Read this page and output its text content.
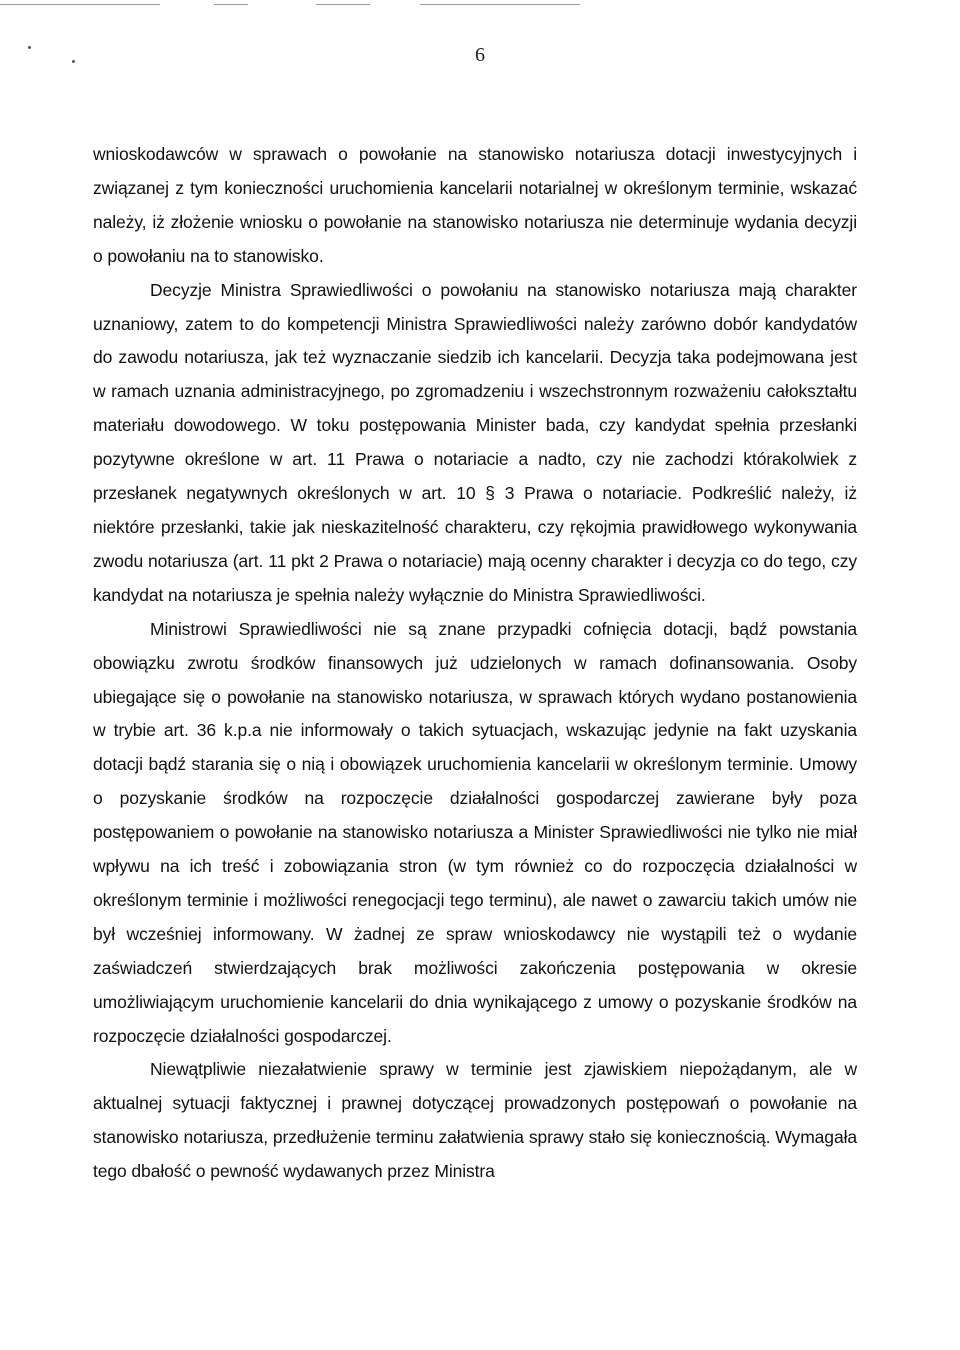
6

wnioskodawców w sprawach o powołanie na stanowisko notariusza dotacji inwestycyjnych i związanej z tym konieczności uruchomienia kancelarii notarialnej w określonym terminie, wskazać należy, iż złożenie wniosku o powołanie na stanowisko notariusza nie determinuje wydania decyzji o powołaniu na to stanowisko.

Decyzje Ministra Sprawiedliwości o powołaniu na stanowisko notariusza mają charakter uznaniowy, zatem to do kompetencji Ministra Sprawiedliwości należy zarówno dobór kandydatów do zawodu notariusza, jak też wyznaczanie siedzib ich kancelarii. Decyzja taka podejmowana jest w ramach uznania administracyjnego, po zgromadzeniu i wszechstronnym rozważeniu całokształtu materiału dowodowego. W toku postępowania Minister bada, czy kandydat spełnia przesłanki pozytywne określone w art. 11 Prawa o notariacie a nadto, czy nie zachodzi którakolwiek z przesłanek negatywnych określonych w art. 10 § 3 Prawa o notariacie. Podkreślić należy, iż niektóre przesłanki, takie jak nieskazitelność charakteru, czy rękojmia prawidłowego wykonywania zwodu notariusza (art. 11 pkt 2 Prawa o notariacie) mają ocenny charakter i decyzja co do tego, czy kandydat na notariusza je spełnia należy wyłącznie do Ministra Sprawiedliwości.

Ministrowi Sprawiedliwości nie są znane przypadki cofnięcia dotacji, bądź powstania obowiązku zwrotu środków finansowych już udzielonych w ramach dofinansowania. Osoby ubiegające się o powołanie na stanowisko notariusza, w sprawach których wydano postanowienia w trybie art. 36 k.p.a nie informowały o takich sytuacjach, wskazując jedynie na fakt uzyskania dotacji bądź starania się o nią i obowiązek uruchomienia kancelarii w określonym terminie. Umowy o pozyskanie środków na rozpoczęcie działalności gospodarczej zawierane były poza postępowaniem o powołanie na stanowisko notariusza a Minister Sprawiedliwości nie tylko nie miał wpływu na ich treść i zobowiązania stron (w tym również co do rozpoczęcia działalności w określonym terminie i możliwości renegocjacji tego terminu), ale nawet o zawarciu takich umów nie był wcześniej informowany. W żadnej ze spraw wnioskodawcy nie wystąpili też o wydanie zaświadczeń stwierdzających brak możliwości zakończenia postępowania w okresie umożliwiającym uruchomienie kancelarii do dnia wynikającego z umowy o pozyskanie środków na rozpoczęcie działalności gospodarczej.

Niewątpliwie niezałatwienie sprawy w terminie jest zjawiskiem niepożądanym, ale w aktualnej sytuacji faktycznej i prawnej dotyczącej prowadzonych postępowań o powołanie na stanowisko notariusza, przedłużenie terminu załatwienia sprawy stało się koniecznością. Wymagała tego dbałość o pewność wydawanych przez Ministra
